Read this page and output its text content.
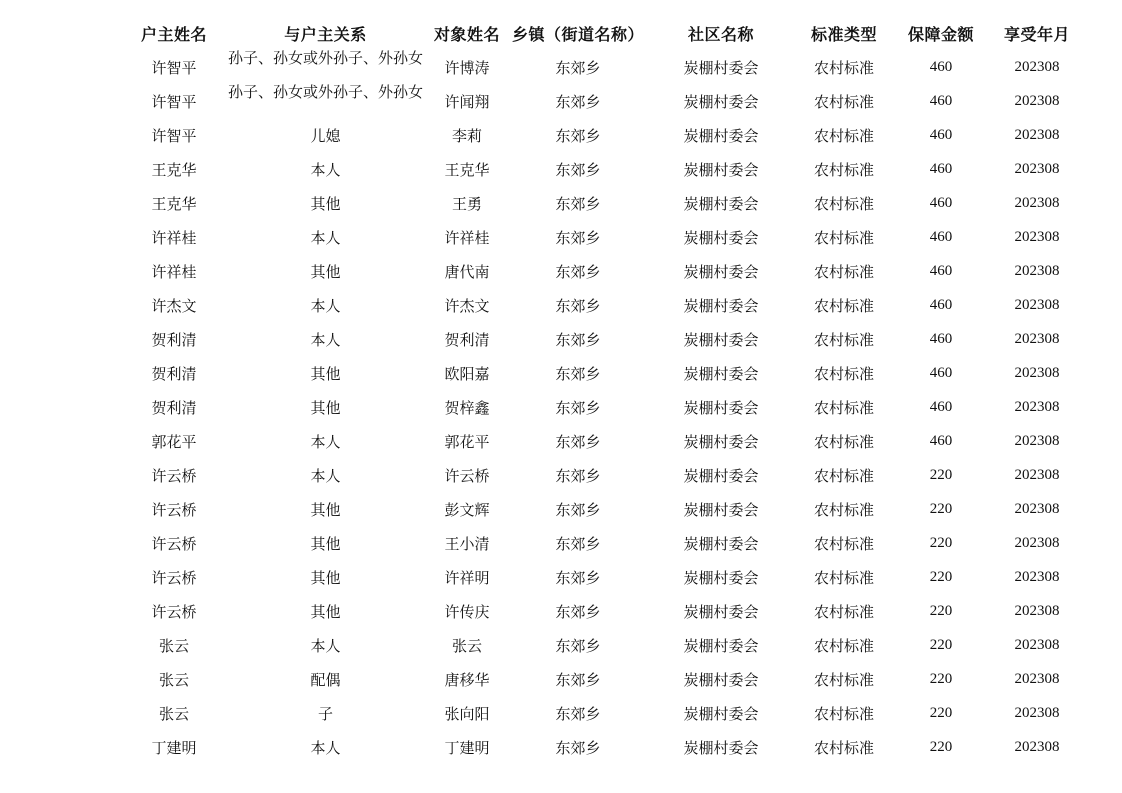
户主姓名	与户主关系	对象姓名	乡镇（街道名称）	社区名称	标准类型	保障金额	享受年月
许智平	孙子、孙女或外孙子、外孙女	许博涛	东郊乡	炭棚村委会	农村标准	460	202308
许智平	孙子、孙女或外孙子、外孙女	许闻翔	东郊乡	炭棚村委会	农村标准	460	202308
许智平	儿媳	李莉	东郊乡	炭棚村委会	农村标准	460	202308
王克华	本人	王克华	东郊乡	炭棚村委会	农村标准	460	202308
王克华	其他	王勇	东郊乡	炭棚村委会	农村标准	460	202308
许祥桂	本人	许祥桂	东郊乡	炭棚村委会	农村标准	460	202308
许祥桂	其他	唐代南	东郊乡	炭棚村委会	农村标准	460	202308
许杰文	本人	许杰文	东郊乡	炭棚村委会	农村标准	460	202308
贺利清	本人	贺利清	东郊乡	炭棚村委会	农村标准	460	202308
贺利清	其他	欧阳嘉	东郊乡	炭棚村委会	农村标准	460	202308
贺利清	其他	贺梓鑫	东郊乡	炭棚村委会	农村标准	460	202308
郭花平	本人	郭花平	东郊乡	炭棚村委会	农村标准	460	202308
许云桥	本人	许云桥	东郊乡	炭棚村委会	农村标准	220	202308
许云桥	其他	彭文辉	东郊乡	炭棚村委会	农村标准	220	202308
许云桥	其他	王小清	东郊乡	炭棚村委会	农村标准	220	202308
许云桥	其他	许祥明	东郊乡	炭棚村委会	农村标准	220	202308
许云桥	其他	许传庆	东郊乡	炭棚村委会	农村标准	220	202308
张云	本人	张云	东郊乡	炭棚村委会	农村标准	220	202308
张云	配偶	唐移华	东郊乡	炭棚村委会	农村标准	220	202308
张云	子	张向阳	东郊乡	炭棚村委会	农村标准	220	202308
丁建明	本人	丁建明	东郊乡	炭棚村委会	农村标准	220	202308
